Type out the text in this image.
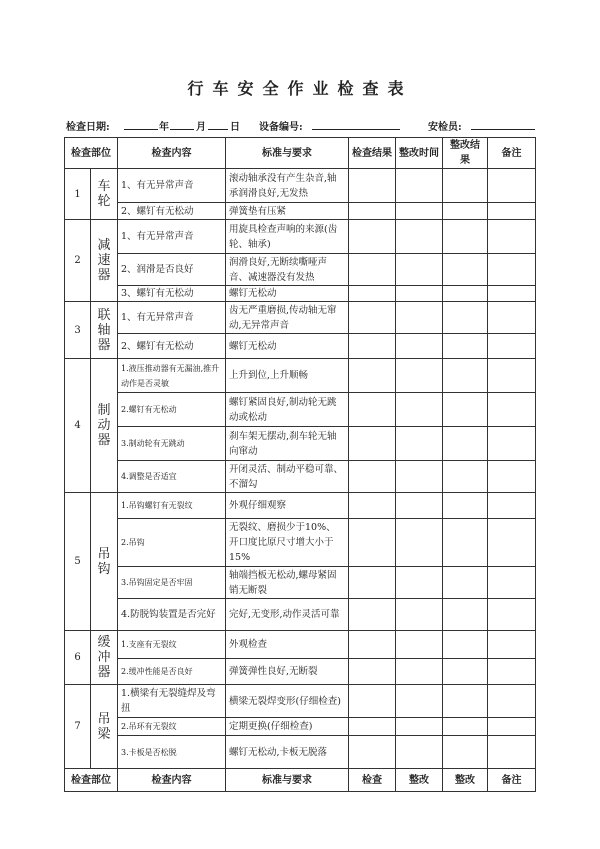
行车安全作业检查表
检查日期:	年	月 日 设备编号:	安检员:
检查部位		检查内容	标准与要求	检查结果	整改时间	整改结果	备注
1	车轮	1、有无异常声音	滚动轴承没有产生杂音,轴承润滑良好,无发热				
		2、螺钉有无松动	弹簧垫有压紧				
2	减速器	1、有无异常声音	用旋具检查声响的来源(齿轮、轴承)				
		2、润滑是否良好	润滑良好,无断续嘶哑声音、减速器没有发热				
		3、螺钉有无松动	螺钉无松动				
3	联轴器	1、有无异常声音	齿无严重磨损,传动轴无窜动,无异常声音				
		2、螺钉有无松动	螺钉无松动				
4	制动器	1.液压推动器有无漏油,推升动作是否灵敏	上升到位,上升顺畅				
		2.螺钉有无松动	螺钉紧固良好,制动轮无跳动或松动				
		3.制动轮有无跳动	刹车架无摆动,刹车轮无轴向窜动				
		4.调整是否适宜	开闭灵活、制动平稳可靠、不溜勾				
5	吊钩	1.吊钩螺钉有无裂纹	外观仔细观察				
		2.吊钩	无裂纹、磨损少于10%、开口度比原尺寸增大小于15%				
		3.吊钩固定是否牢固	轴端挡板无松动,螺母紧固销无断裂				
		4.防脱钩装置是否完好	完好,无变形,动作灵活可靠				
6	缓冲器	1.支座有无裂纹	外观检查				
		2.缓冲性能是否良好	弹簧弹性良好,无断裂				
7	吊梁	1.横梁有无裂缝焊及弯扭	横梁无裂焊变形(仔细检查)				
		2.吊环有无裂纹	定期更换(仔细检查)				
		3.卡板是否松脱	螺钉无松动,卡板无脱落				
检查部位		检查内容	标准与要求	检查	整改	整改	备注
